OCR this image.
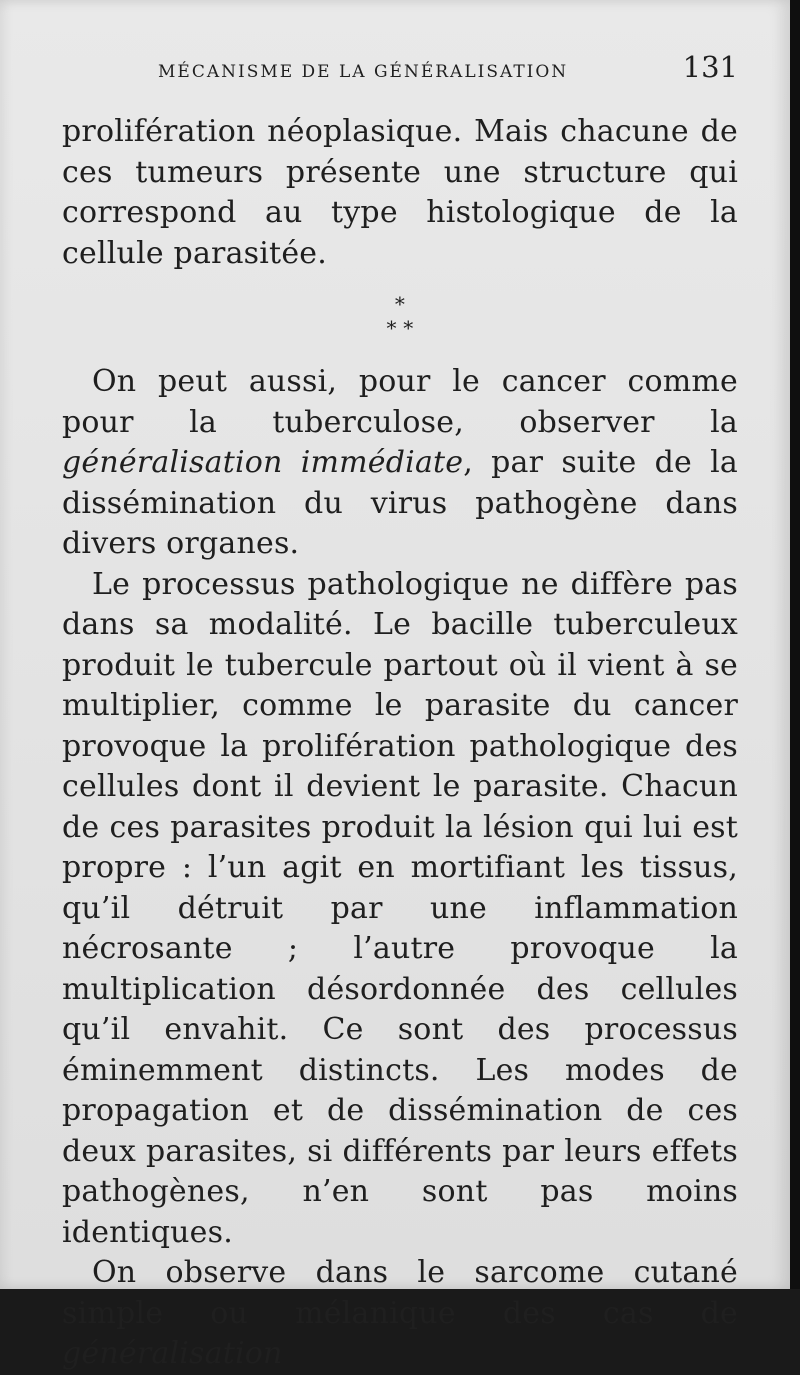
MÉCANISME DE LA GÉNÉRALISATION	131

prolifération néoplasique. Mais chacune de ces tumeurs présente une structure qui correspond au type histologique de la cellule parasitée.

*
* *

On peut aussi, pour le cancer comme pour la tuberculose, observer la généralisation immédiate, par suite de la dissémination du virus pathogène dans divers organes.

Le processus pathologique ne diffère pas dans sa modalité. Le bacille tuberculeux produit le tubercule partout où il vient à se multiplier, comme le parasite du cancer provoque la prolifération pathologique des cellules dont il devient le parasite. Chacun de ces parasites produit la lésion qui lui est propre : l’un agit en mortifiant les tissus, qu’il détruit par une inflammation nécrosante ; l’autre provoque la multiplication désordonnée des cellules qu’il envahit. Ce sont des processus éminemment distincts. Les modes de propagation et de dissémination de ces deux parasites, si différents par leurs effets pathogènes, n’en sont pas moins identiques.

On observe dans le sarcome cutané simple ou mélanique des cas de généralisation
